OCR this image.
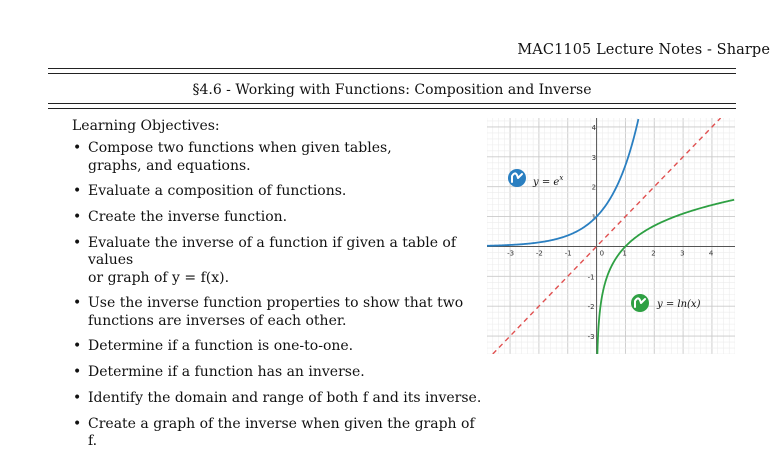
MAC1105 Lecture Notes - Sharpe
§4.6 - Working with Functions: Composition and Inverse
Learning Objectives:
• Compose two functions when given tables,
graphs, and equations.
• Evaluate a composition of functions.
• Create the inverse function.
• Evaluate the inverse of a function if given a table of values
or graph of y = f(x).
• Use the inverse function properties to show that two
functions are inverses of each other.
• Determine if a function is one-to-one.
• Determine if a function has an inverse.
• Identify the domain and range of both f and its inverse.
• Create a graph of the inverse when given the graph of f.
-3	-2	-1	0	1	2	3	4
-3
-2
-1
1
2
3
4
$y = e^x$
y = ln(x)
